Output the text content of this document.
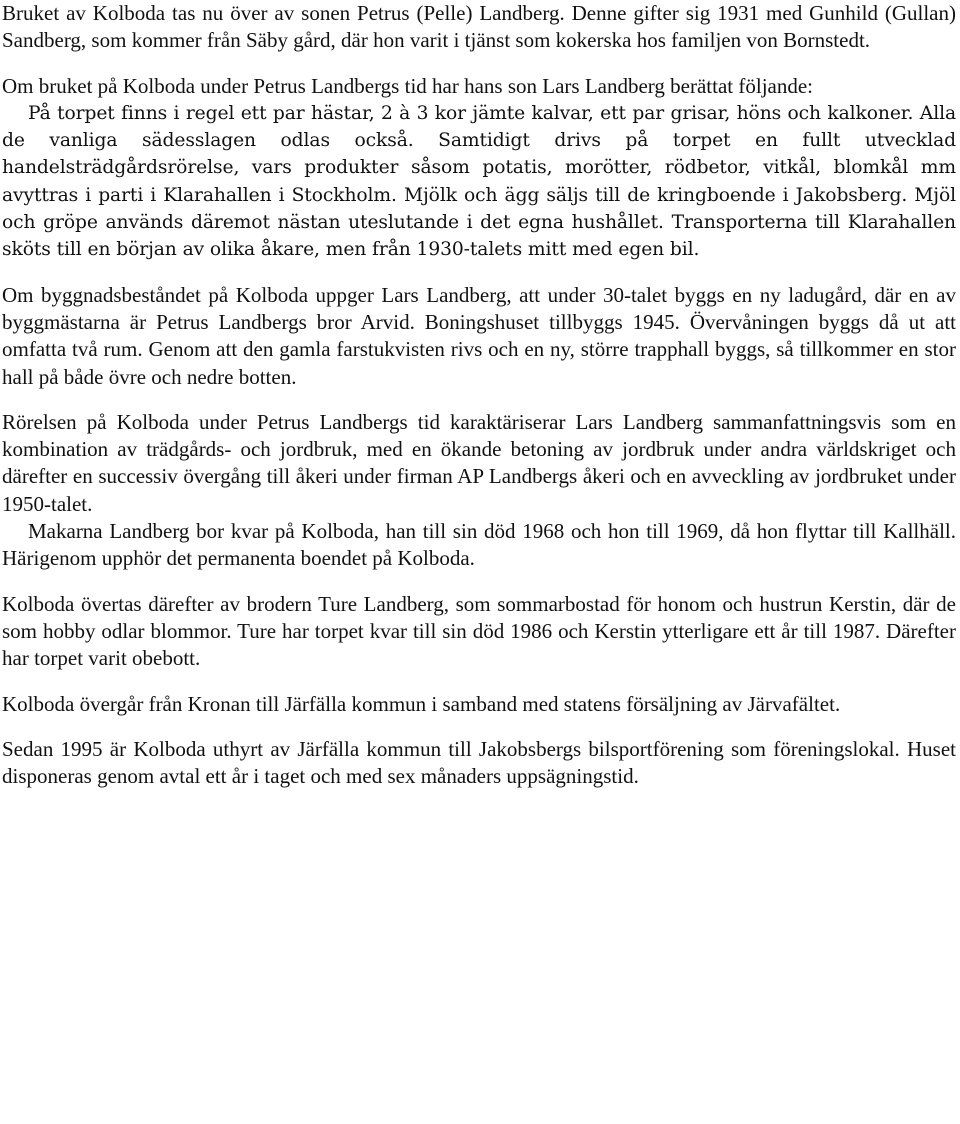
Bruket av Kolboda tas nu över av sonen Petrus (Pelle) Landberg. Denne gifter sig 1931 med Gunhild (Gullan) Sandberg, som kommer från Säby gård, där hon varit i tjänst som kokerska hos familjen von Bornstedt.

Om bruket på Kolboda under Petrus Landbergs tid har hans son Lars Landberg berättat följande:

På torpet finns i regel ett par hästar, 2 à 3 kor jämte kalvar, ett par grisar, höns och kalkoner. Alla de vanliga sädesslagen odlas också. Samtidigt drivs på torpet en fullt utvecklad handelsträdgårdsrörelse, vars produkter såsom potatis, morötter, rödbetor, vitkål, blomkål mm avyttras i parti i Klarahallen i Stockholm. Mjölk och ägg säljs till de kringboende i Jakobsberg. Mjöl och gröpe används däremot nästan uteslutande i det egna hushållet. Transporterna till Klarahallen sköts till en början av olika åkare, men från 1930-talets mitt med egen bil.

Om byggnadsbeståndet på Kolboda uppger Lars Landberg, att under 30-talet byggs en ny ladugård, där en av byggmästarna är Petrus Landbergs bror Arvid. Boningshuset tillbyggs 1945. Övervåningen byggs då ut att omfatta två rum. Genom att den gamla farstukvisten rivs och en ny, större trapphall byggs, så tillkommer en stor hall på både övre och nedre botten.

Rörelsen på Kolboda under Petrus Landbergs tid karaktäriserar Lars Landberg sammanfattningsvis som en kombination av trädgårds- och jordbruk, med en ökande betoning av jordbruk under andra världskriget och därefter en successiv övergång till åkeri under firman AP Landbergs åkeri och en avveckling av jordbruket under 1950-talet.

Makarna Landberg bor kvar på Kolboda, han till sin död 1968 och hon till 1969, då hon flyttar till Kallhäll. Härigenom upphör det permanenta boendet på Kolboda.

Kolboda övertas därefter av brodern Ture Landberg, som sommarbostad för honom och hustrun Kerstin, där de som hobby odlar blommor. Ture har torpet kvar till sin död 1986 och Kerstin ytterligare ett år till 1987. Därefter har torpet varit obebott.

Kolboda övergår från Kronan till Järfälla kommun i samband med statens försäljning av Järvafältet.

Sedan 1995 är Kolboda uthyrt av Järfälla kommun till Jakobsbergs bilsportförening som föreningslokal. Huset disponeras genom avtal ett år i taget och med sex månaders uppsägningstid.
